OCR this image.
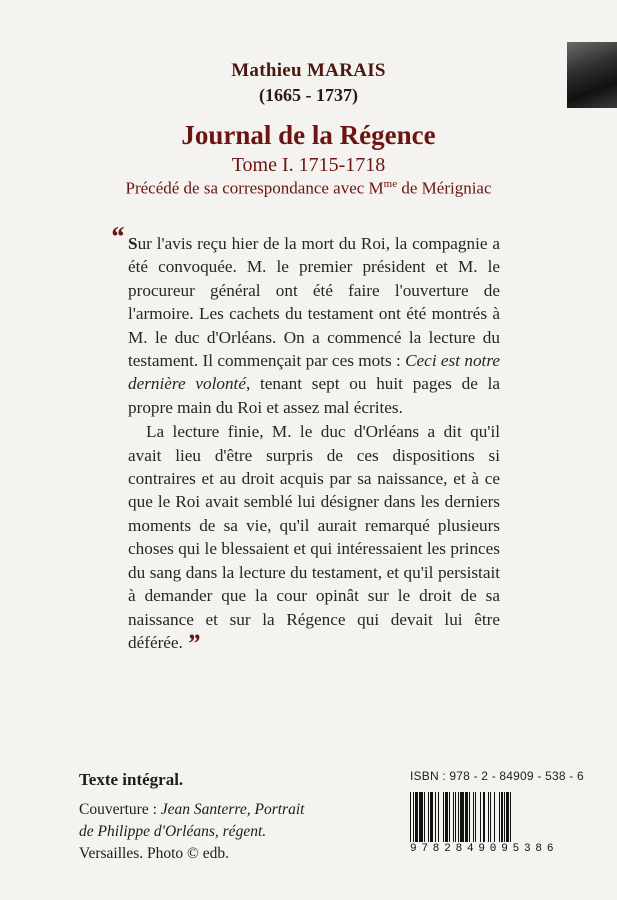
Mathieu MARAIS
(1665 - 1737)
Journal de la Régence
Tome I. 1715-1718
Précédé de sa correspondance avec $M^{me}$ de Mérigniac
“ Sur l'avis reçu hier de la mort du Roi, la compagnie a été convoquée. M. le premier président et M. le procureur général ont été faire l'ouverture de l'armoire. Les cachets du testament ont été montrés à M. le duc d'Orléans. On a commencé la lecture du testament. Il commençait par ces mots : Ceci est notre dernière volonté, tenant sept ou huit pages de la propre main du Roi et assez mal écrites.

La lecture finie, M. le duc d'Orléans a dit qu'il avait lieu d'être surpris de ces dispositions si contraires et au droit acquis par sa naissance, et à ce que le Roi avait semblé lui désigner dans les derniers moments de sa vie, qu'il aurait remarqué plusieurs choses qui le blessaient et qui intéressaient les princes du sang dans la lecture du testament, et qu'il persistait à demander que la cour opinât sur le droit de sa naissance et sur la Régence qui devait lui être déférée. ”

Texte intégral.
Couverture : Jean Santerre, Portrait de Philippe d'Orléans, régent. Versailles. Photo © edb.
ISBN : 978 - 2 - 84909 - 538 - 6
9782849095386
